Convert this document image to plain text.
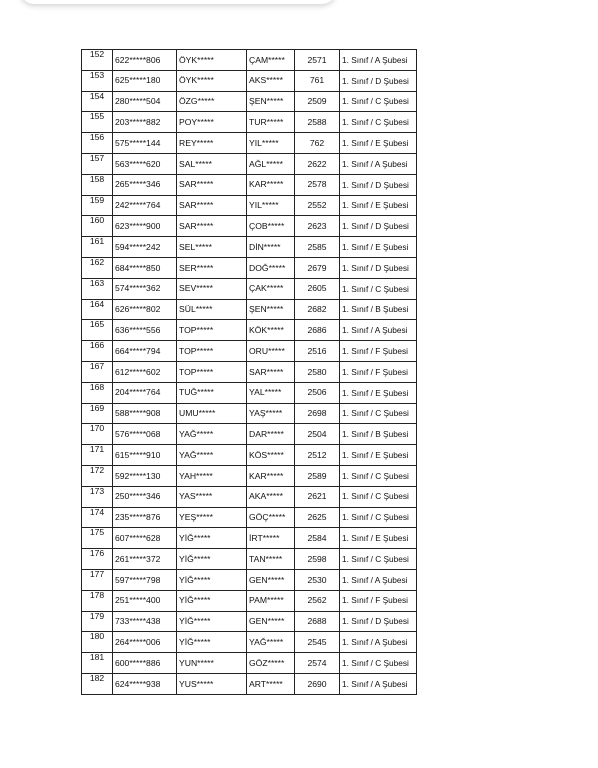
152	622*****806	ÖYK*****	ÇAM*****	2571	1. Sınıf / A Şubesi
153	625*****180	ÖYK*****	AKS*****	761	1. Sınıf / D Şubesi
154	280*****504	ÖZG*****	ŞEN*****	2509	1. Sınıf / C Şubesi
155	203*****882	POY*****	TUR*****	2588	1. Sınıf / C Şubesi
156	575*****144	REY*****	YIL*****	762	1. Sınıf / E Şubesi
157	563*****620	SAL*****	AĞL*****	2622	1. Sınıf / A Şubesi
158	265*****346	SAR*****	KAR*****	2578	1. Sınıf / D Şubesi
159	242*****764	SAR*****	YIL*****	2552	1. Sınıf / E Şubesi
160	623*****900	SAR*****	ÇOB*****	2623	1. Sınıf / D Şubesi
161	594*****242	SEL*****	DİN*****	2585	1. Sınıf / E Şubesi
162	684*****850	SER*****	DOĞ*****	2679	1. Sınıf / D Şubesi
163	574*****362	SEV*****	ÇAK*****	2605	1. Sınıf / C Şubesi
164	626*****802	SÜL*****	ŞEN*****	2682	1. Sınıf / B Şubesi
165	636*****556	TOP*****	KÖK*****	2686	1. Sınıf / A Şubesi
166	664*****794	TOP*****	ORU*****	2516	1. Sınıf / F Şubesi
167	612*****602	TOP*****	SAR*****	2580	1. Sınıf / F Şubesi
168	204*****764	TUĞ*****	YAL*****	2506	1. Sınıf / E Şubesi
169	588*****908	UMU*****	YAŞ*****	2698	1. Sınıf / C Şubesi
170	576*****068	YAĞ*****	DAR*****	2504	1. Sınıf / B Şubesi
171	615*****910	YAĞ*****	KÖS*****	2512	1. Sınıf / E Şubesi
172	592*****130	YAH*****	KAR*****	2589	1. Sınıf / C Şubesi
173	250*****346	YAS*****	AKA*****	2621	1. Sınıf / C Şubesi
174	235*****876	YEŞ*****	GÖÇ*****	2625	1. Sınıf / C Şubesi
175	607*****628	YİĞ*****	İRT*****	2584	1. Sınıf / E Şubesi
176	261*****372	YİĞ*****	TAN*****	2598	1. Sınıf / C Şubesi
177	597*****798	YİĞ*****	GEN*****	2530	1. Sınıf / A Şubesi
178	251*****400	YİĞ*****	PAM*****	2562	1. Sınıf / F Şubesi
179	733*****438	YİĞ*****	GEN*****	2688	1. Sınıf / D Şubesi
180	264*****006	YİĞ*****	YAĞ*****	2545	1. Sınıf / A Şubesi
181	600*****886	YUN*****	GÖZ*****	2574	1. Sınıf / C Şubesi
182	624*****938	YUS*****	ART*****	2690	1. Sınıf / A Şubesi
